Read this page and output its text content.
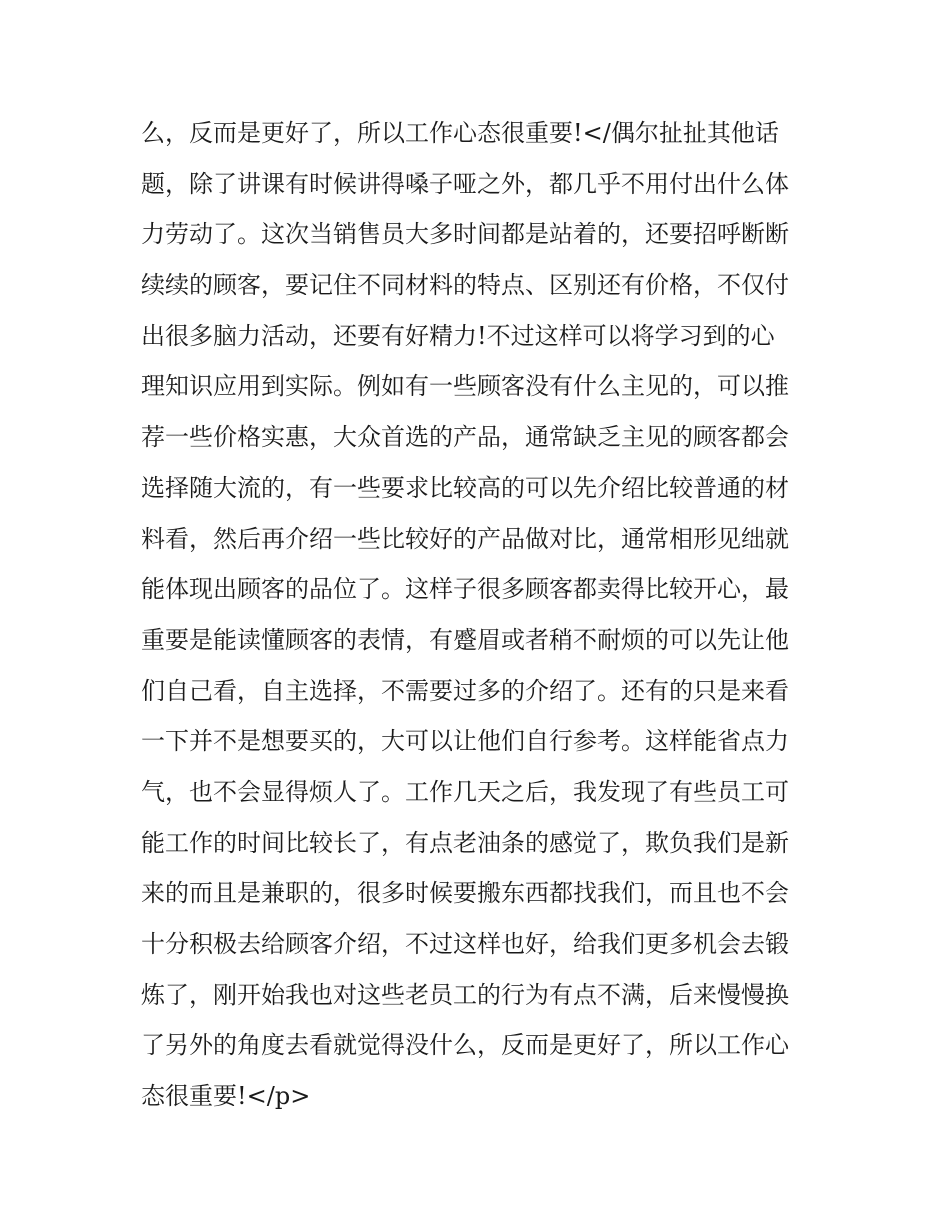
么，反而是更好了，所以工作心态很重要!</偶尔扯扯其他话
题，除了讲课有时候讲得嗓子哑之外，都几乎不用付出什么体
力劳动了。这次当销售员大多时间都是站着的，还要招呼断断
续续的顾客，要记住不同材料的特点、区别还有价格，不仅付
出很多脑力活动，还要有好精力!不过这样可以将学习到的心
理知识应用到实际。例如有一些顾客没有什么主见的，可以推
荐一些价格实惠，大众首选的产品，通常缺乏主见的顾客都会
选择随大流的，有一些要求比较高的可以先介绍比较普通的材
料看，然后再介绍一些比较好的产品做对比，通常相形见绌就
能体现出顾客的品位了。这样子很多顾客都卖得比较开心，最
重要是能读懂顾客的表情，有蹙眉或者稍不耐烦的可以先让他
们自己看，自主选择，不需要过多的介绍了。还有的只是来看
一下并不是想要买的，大可以让他们自行参考。这样能省点力
气，也不会显得烦人了。工作几天之后，我发现了有些员工可
能工作的时间比较长了，有点老油条的感觉了，欺负我们是新
来的而且是兼职的，很多时候要搬东西都找我们，而且也不会
十分积极去给顾客介绍，不过这样也好，给我们更多机会去锻
炼了，刚开始我也对这些老员工的行为有点不满，后来慢慢换
了另外的角度去看就觉得没什么，反而是更好了，所以工作心
态很重要!</p>
